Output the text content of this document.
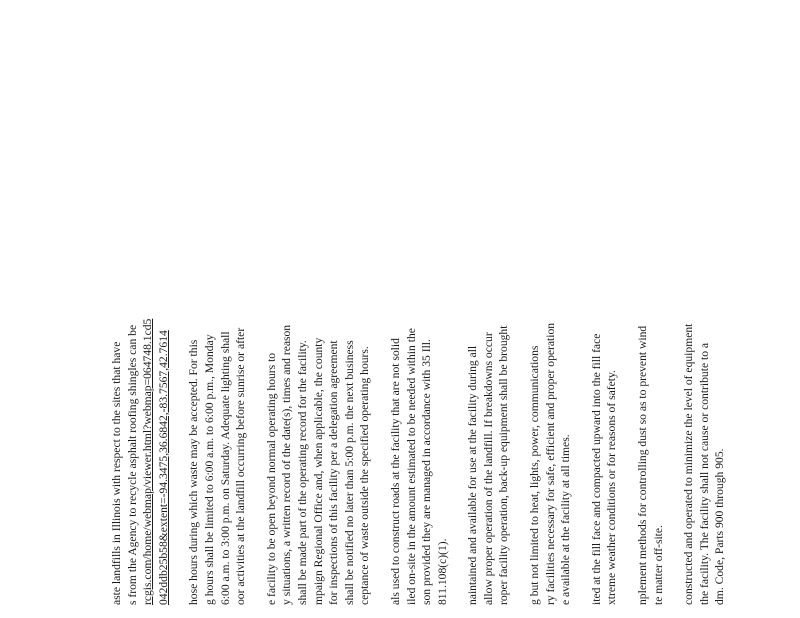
aste landfills in Illinois with respect to the sites that have s from the Agency to recycle asphalt roofing shingles can be rcgis.com/home/webmap/viewer.html?webmap=064748.1cd5 042ddb25b58&extent=-94.3475,36.6842,-83.7567,42.7614 hose hours during which waste may be accepted. For this g hours shall be limited to 6:00 a.m. to 6:00 p.m., Monday 6:00 a.m. to 3:00 p.m. on Saturday. Adequate lighting shall oor activities at the landfill occurring before sunrise or after e facility to be open beyond normal operating hours to y situations, a written record of the date(s), times and reason shall be made part of the operating record for the facility. mpaign Regional Office and, when applicable, the county for inspections of this facility per a delegation agreement shall be notified no later than 5:00 p.m. the next business ceptance of waste outside the specified operating hours. als used to construct roads at the facility that are not solid iled on-site in the amount estimated to be needed within the son provided they are managed in accordance with 35 Ill. 811.108(c)(1). naintained and available for use at the facility during all allow proper operation of the landfill. If breakdowns occur roper facility operation, back-up equipment shall be brought g but not limited to heat, lights, power, communications ry facilities necessary for safe, efficient and proper operation e available at the facility at all times. ited at the fill face and compacted upward into the fill face xtreme weather conditions or for reasons of safety. nplement methods for controlling dust so as to prevent wind te matter off-site. constructed and operated to minimize the level of equipment the facility. The facility shall not cause or contribute to a dm. Code, Parts 900 through 905.
